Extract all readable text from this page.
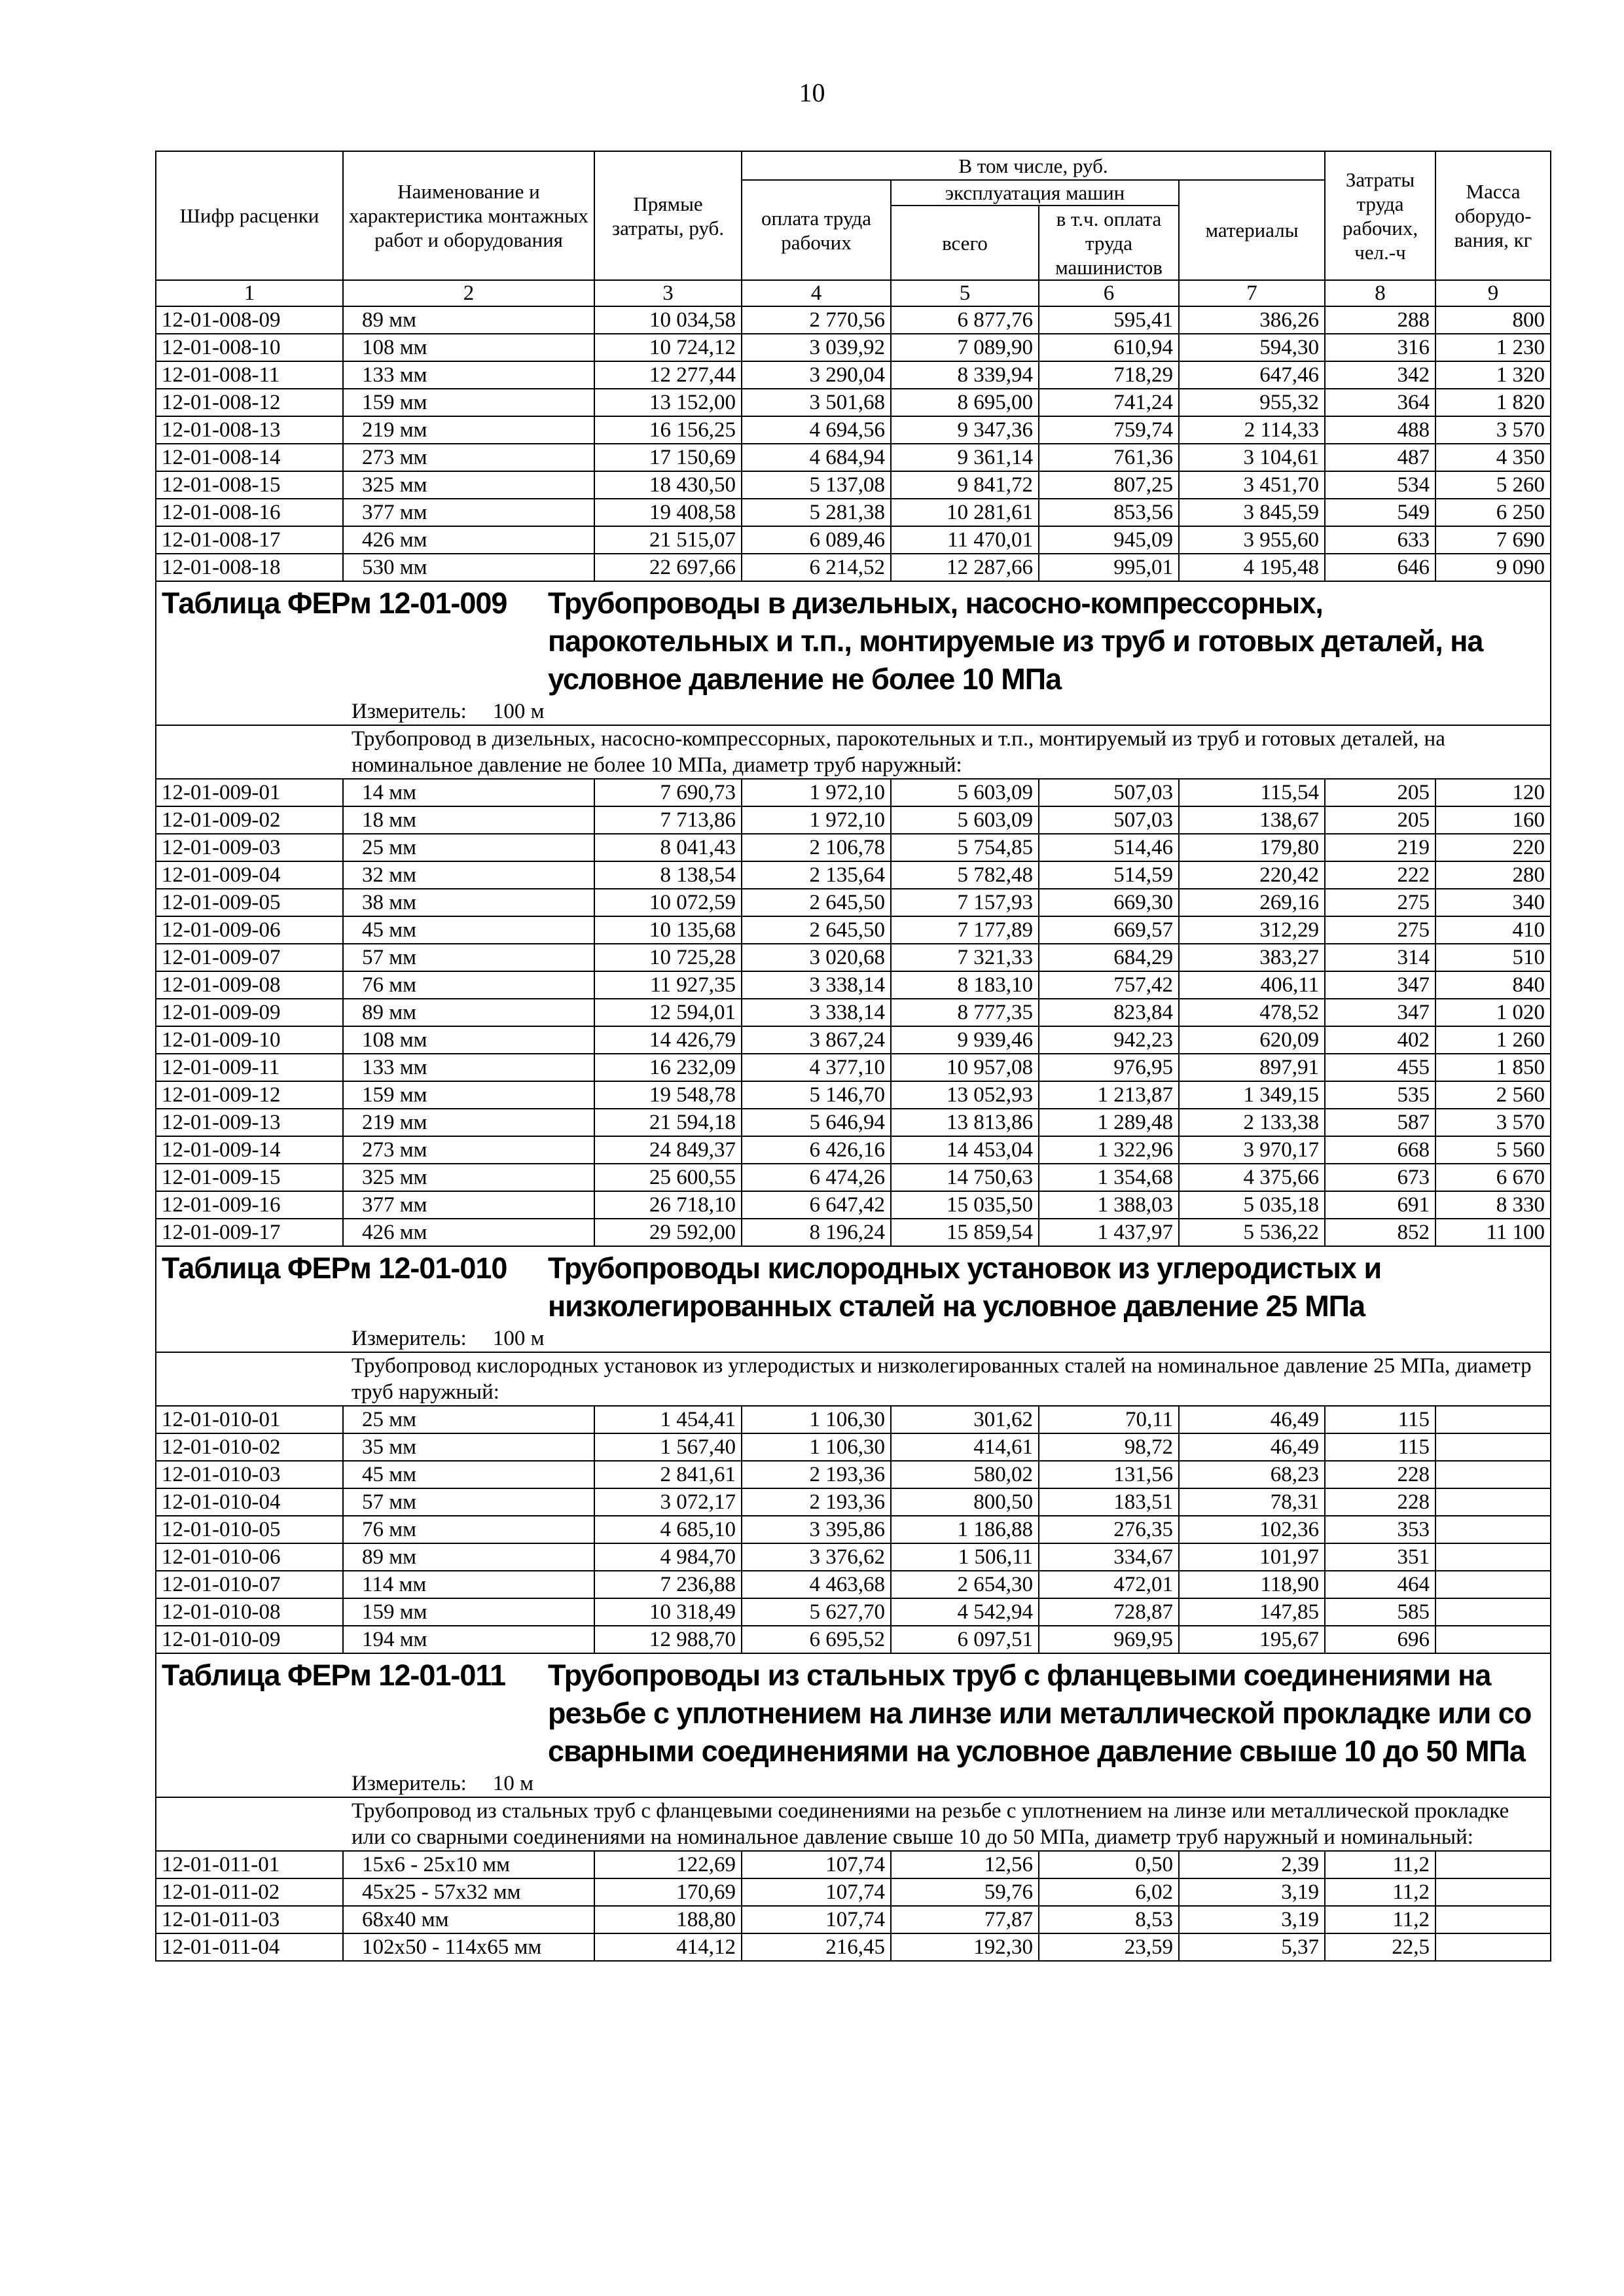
10
Шифр расценки	Наименование и характеристика монтажных работ и оборудования	Прямые затраты, руб.	В том числе, руб.				Затраты труда рабочих, чел.-ч	Масса оборудо-вания, кг
			оплата труда рабочих	эксплуатация машин		материалы		
				всего	в т.ч. оплата труда машинистов			
1	2	3	4	5	6	7	8	9
12-01-008-09	89 мм	10 034,58	2 770,56	6 877,76	595,41	386,26	288	800
12-01-008-10	108 мм	10 724,12	3 039,92	7 089,90	610,94	594,30	316	1 230
12-01-008-11	133 мм	12 277,44	3 290,04	8 339,94	718,29	647,46	342	1 320
12-01-008-12	159 мм	13 152,00	3 501,68	8 695,00	741,24	955,32	364	1 820
12-01-008-13	219 мм	16 156,25	4 694,56	9 347,36	759,74	2 114,33	488	3 570
12-01-008-14	273 мм	17 150,69	4 684,94	9 361,14	761,36	3 104,61	487	4 350
12-01-008-15	325 мм	18 430,50	5 137,08	9 841,72	807,25	3 451,70	534	5 260
12-01-008-16	377 мм	19 408,58	5 281,38	10 281,61	853,56	3 845,59	549	6 250
12-01-008-17	426 мм	21 515,07	6 089,46	11 470,01	945,09	3 955,60	633	7 690
12-01-008-18	530 мм	22 697,66	6 214,52	12 287,66	995,01	4 195,48	646	9 090

Таблица ФЕРм 12-01-009 Трубопроводы в дизельных, насосно-компрессорных, парокотельных и т.п., монтируемые из труб и готовых деталей, на условное давление не более 10 МПа
Измеритель: 100 м								

Трубопровод в дизельных, насосно-компрессорных, парокотельных и т.п., монтируемый из труб и готовых деталей, на номинальное давление не более 10 МПа, диаметр труб наружный:								
12-01-009-01	14 мм	7 690,73	1 972,10	5 603,09	507,03	115,54	205	120
12-01-009-02	18 мм	7 713,86	1 972,10	5 603,09	507,03	138,67	205	160
12-01-009-03	25 мм	8 041,43	2 106,78	5 754,85	514,46	179,80	219	220
12-01-009-04	32 мм	8 138,54	2 135,64	5 782,48	514,59	220,42	222	280
12-01-009-05	38 мм	10 072,59	2 645,50	7 157,93	669,30	269,16	275	340
12-01-009-06	45 мм	10 135,68	2 645,50	7 177,89	669,57	312,29	275	410
12-01-009-07	57 мм	10 725,28	3 020,68	7 321,33	684,29	383,27	314	510
12-01-009-08	76 мм	11 927,35	3 338,14	8 183,10	757,42	406,11	347	840
12-01-009-09	89 мм	12 594,01	3 338,14	8 777,35	823,84	478,52	347	1 020
12-01-009-10	108 мм	14 426,79	3 867,24	9 939,46	942,23	620,09	402	1 260
12-01-009-11	133 мм	16 232,09	4 377,10	10 957,08	976,95	897,91	455	1 850
12-01-009-12	159 мм	19 548,78	5 146,70	13 052,93	1 213,87	1 349,15	535	2 560
12-01-009-13	219 мм	21 594,18	5 646,94	13 813,86	1 289,48	2 133,38	587	3 570
12-01-009-14	273 мм	24 849,37	6 426,16	14 453,04	1 322,96	3 970,17	668	5 560
12-01-009-15	325 мм	25 600,55	6 474,26	14 750,63	1 354,68	4 375,66	673	6 670
12-01-009-16	377 мм	26 718,10	6 647,42	15 035,50	1 388,03	5 035,18	691	8 330
12-01-009-17	426 мм	29 592,00	8 196,24	15 859,54	1 437,97	5 536,22	852	11 100

Таблица ФЕРм 12-01-010 Трубопроводы кислородных установок из углеродистых и низколегированных сталей на условное давление 25 МПа
Измеритель: 100 м								

Трубопровод кислородных установок из углеродистых и низколегированных сталей на номинальное давление 25 МПа, диаметр труб наружный:								
12-01-010-01	25 мм	1 454,41	1 106,30	301,62	70,11	46,49	115	
12-01-010-02	35 мм	1 567,40	1 106,30	414,61	98,72	46,49	115	
12-01-010-03	45 мм	2 841,61	2 193,36	580,02	131,56	68,23	228	
12-01-010-04	57 мм	3 072,17	2 193,36	800,50	183,51	78,31	228	
12-01-010-05	76 мм	4 685,10	3 395,86	1 186,88	276,35	102,36	353	
12-01-010-06	89 мм	4 984,70	3 376,62	1 506,11	334,67	101,97	351	
12-01-010-07	114 мм	7 236,88	4 463,68	2 654,30	472,01	118,90	464	
12-01-010-08	159 мм	10 318,49	5 627,70	4 542,94	728,87	147,85	585	
12-01-010-09	194 мм	12 988,70	6 695,52	6 097,51	969,95	195,67	696	

Таблица ФЕРм 12-01-011 Трубопроводы из стальных труб с фланцевыми соединениями на резьбе с уплотнением на линзе или металлической прокладке или со сварными соединениями на условное давление свыше 10 до 50 МПа
Измеритель: 10 м								

Трубопровод из стальных труб с фланцевыми соединениями на резьбе с уплотнением на линзе или металлической прокладке или со сварными соединениями на номинальное давление свыше 10 до 50 МПа, диаметр труб наружный и номинальный:								
12-01-011-01	15х6 - 25х10 мм	122,69	107,74	12,56	0,50	2,39	11,2	
12-01-011-02	45х25 - 57х32 мм	170,69	107,74	59,76	6,02	3,19	11,2	
12-01-011-03	68х40 мм	188,80	107,74	77,87	8,53	3,19	11,2	
12-01-011-04	102х50 - 114х65 мм	414,12	216,45	192,30	23,59	5,37	22,5	
